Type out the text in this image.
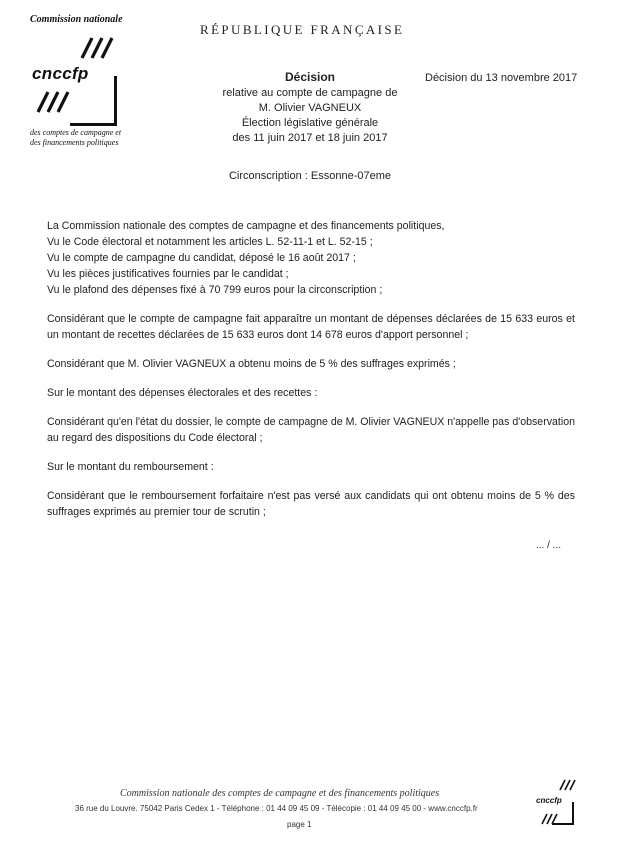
Commission nationale
cnccfp
des comptes de campagne et
des financements politiques
RÉPUBLIQUE FRANÇAISE
Décision du 13 novembre 2017
Décision
relative au compte de campagne de
M. Olivier VAGNEUX
Élection législative générale
des 11 juin 2017 et 18 juin 2017
Circonscription : Essonne-07eme

La Commission nationale des comptes de campagne et des financements politiques,

Vu le Code électoral et notamment les articles L. 52-11-1 et L. 52-15 ;

Vu le compte de campagne du candidat, déposé le 16 août 2017 ;

Vu les pièces justificatives fournies par le candidat ;

Vu le plafond des dépenses fixé à 70 799 euros pour la circonscription ;

Considérant que le compte de campagne fait apparaître un montant de dépenses déclarées de 15 633 euros et un montant de recettes déclarées de 15 633 euros dont 14 678 euros d'apport personnel ;

Considérant que M. Olivier VAGNEUX a obtenu moins de 5 % des suffrages exprimés ;

Sur le montant des dépenses électorales et des recettes :

Considérant qu'en l'état du dossier, le compte de campagne de M. Olivier VAGNEUX n'appelle pas d'observation au regard des dispositions du Code électoral ;

Sur le montant du remboursement :

Considérant que le remboursement forfaitaire n'est pas versé aux candidats qui ont obtenu moins de 5 % des suffrages exprimés au premier tour de scrutin ;

... / ...
Commission nationale des comptes de campagne et des financements politiques
36 rue du Louvre. 75042 Paris Cedex 1 - Téléphone : 01 44 09 45 09 - Télécopie : 01 44 09 45 00 - www.cnccfp.fr
page 1
cnccfp
